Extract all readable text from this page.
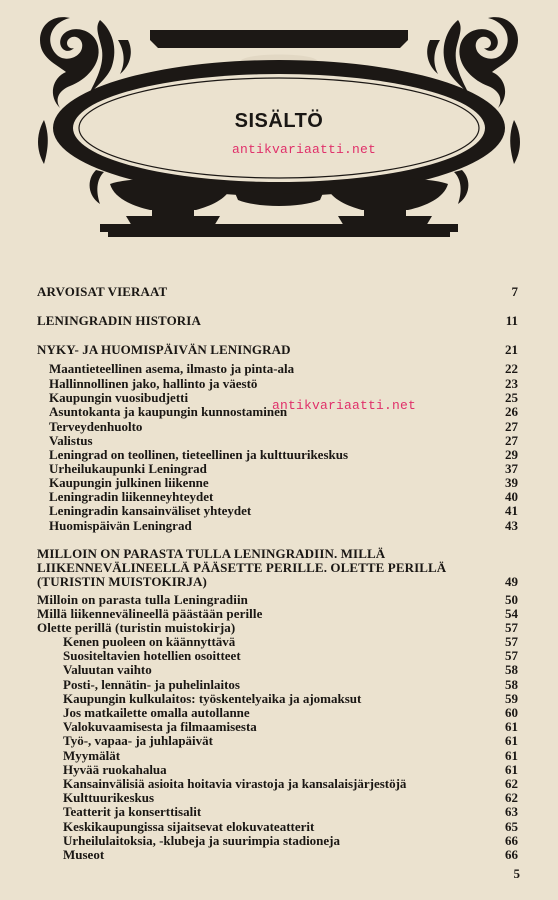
SISÄLTÖ
antikvariaatti.net
antikvariaatti.net
ARVOISAT VIERAAT	7
LENINGRADIN HISTORIA	11
NYKY- JA HUOMISPÄIVÄN LENINGRAD	21
Maantieteellinen asema, ilmasto ja pinta-ala	22
Hallinnollinen jako, hallinto ja väestö	23
Kaupungin vuosibudjetti	25
Asuntokanta ja kaupungin kunnostaminen	26
Terveydenhuolto	27
Valistus	27
Leningrad on teollinen, tieteellinen ja kulttuurikeskus	29
Urheilukaupunki Leningrad	37
Kaupungin julkinen liikenne	39
Leningradin liikenneyhteydet	40
Leningradin kansainväliset yhteydet	41
Huomispäivän Leningrad	43
MILLOIN ON PARASTA TULLA LENINGRADIIN. MILLÄ
LIIKENNEVÄLINEELLÄ PÄÄSETTE PERILLE. OLETTE PERILLÄ
(TURISTIN MUISTOKIRJA)	49
Milloin on parasta tulla Leningradiin	50
Millä liikennevälineellä päästään perille	54
Olette perillä (turistin muistokirja)	57
Kenen puoleen on käännyttävä	57
Suositeltavien hotellien osoitteet	57
Valuutan vaihto	58
Posti-, lennätin- ja puhelinlaitos	58
Kaupungin kulkulaitos: työskentelyaika ja ajomaksut	59
Jos matkailette omalla autollanne	60
Valokuvaamisesta ja filmaamisesta	61
Työ-, vapaa- ja juhlapäivät	61
Myymälät	61
Hyvää ruokahalua	61
Kansainvälisiä asioita hoitavia virastoja ja kansalaisjärjestöjä	62
Kulttuurikeskus	62
Teatterit ja konserttisalit	63
Keskikaupungissa sijaitsevat elokuvateatterit	65
Urheilulaitoksia, -klubeja ja suurimpia stadioneja	66
Museot	66
5
